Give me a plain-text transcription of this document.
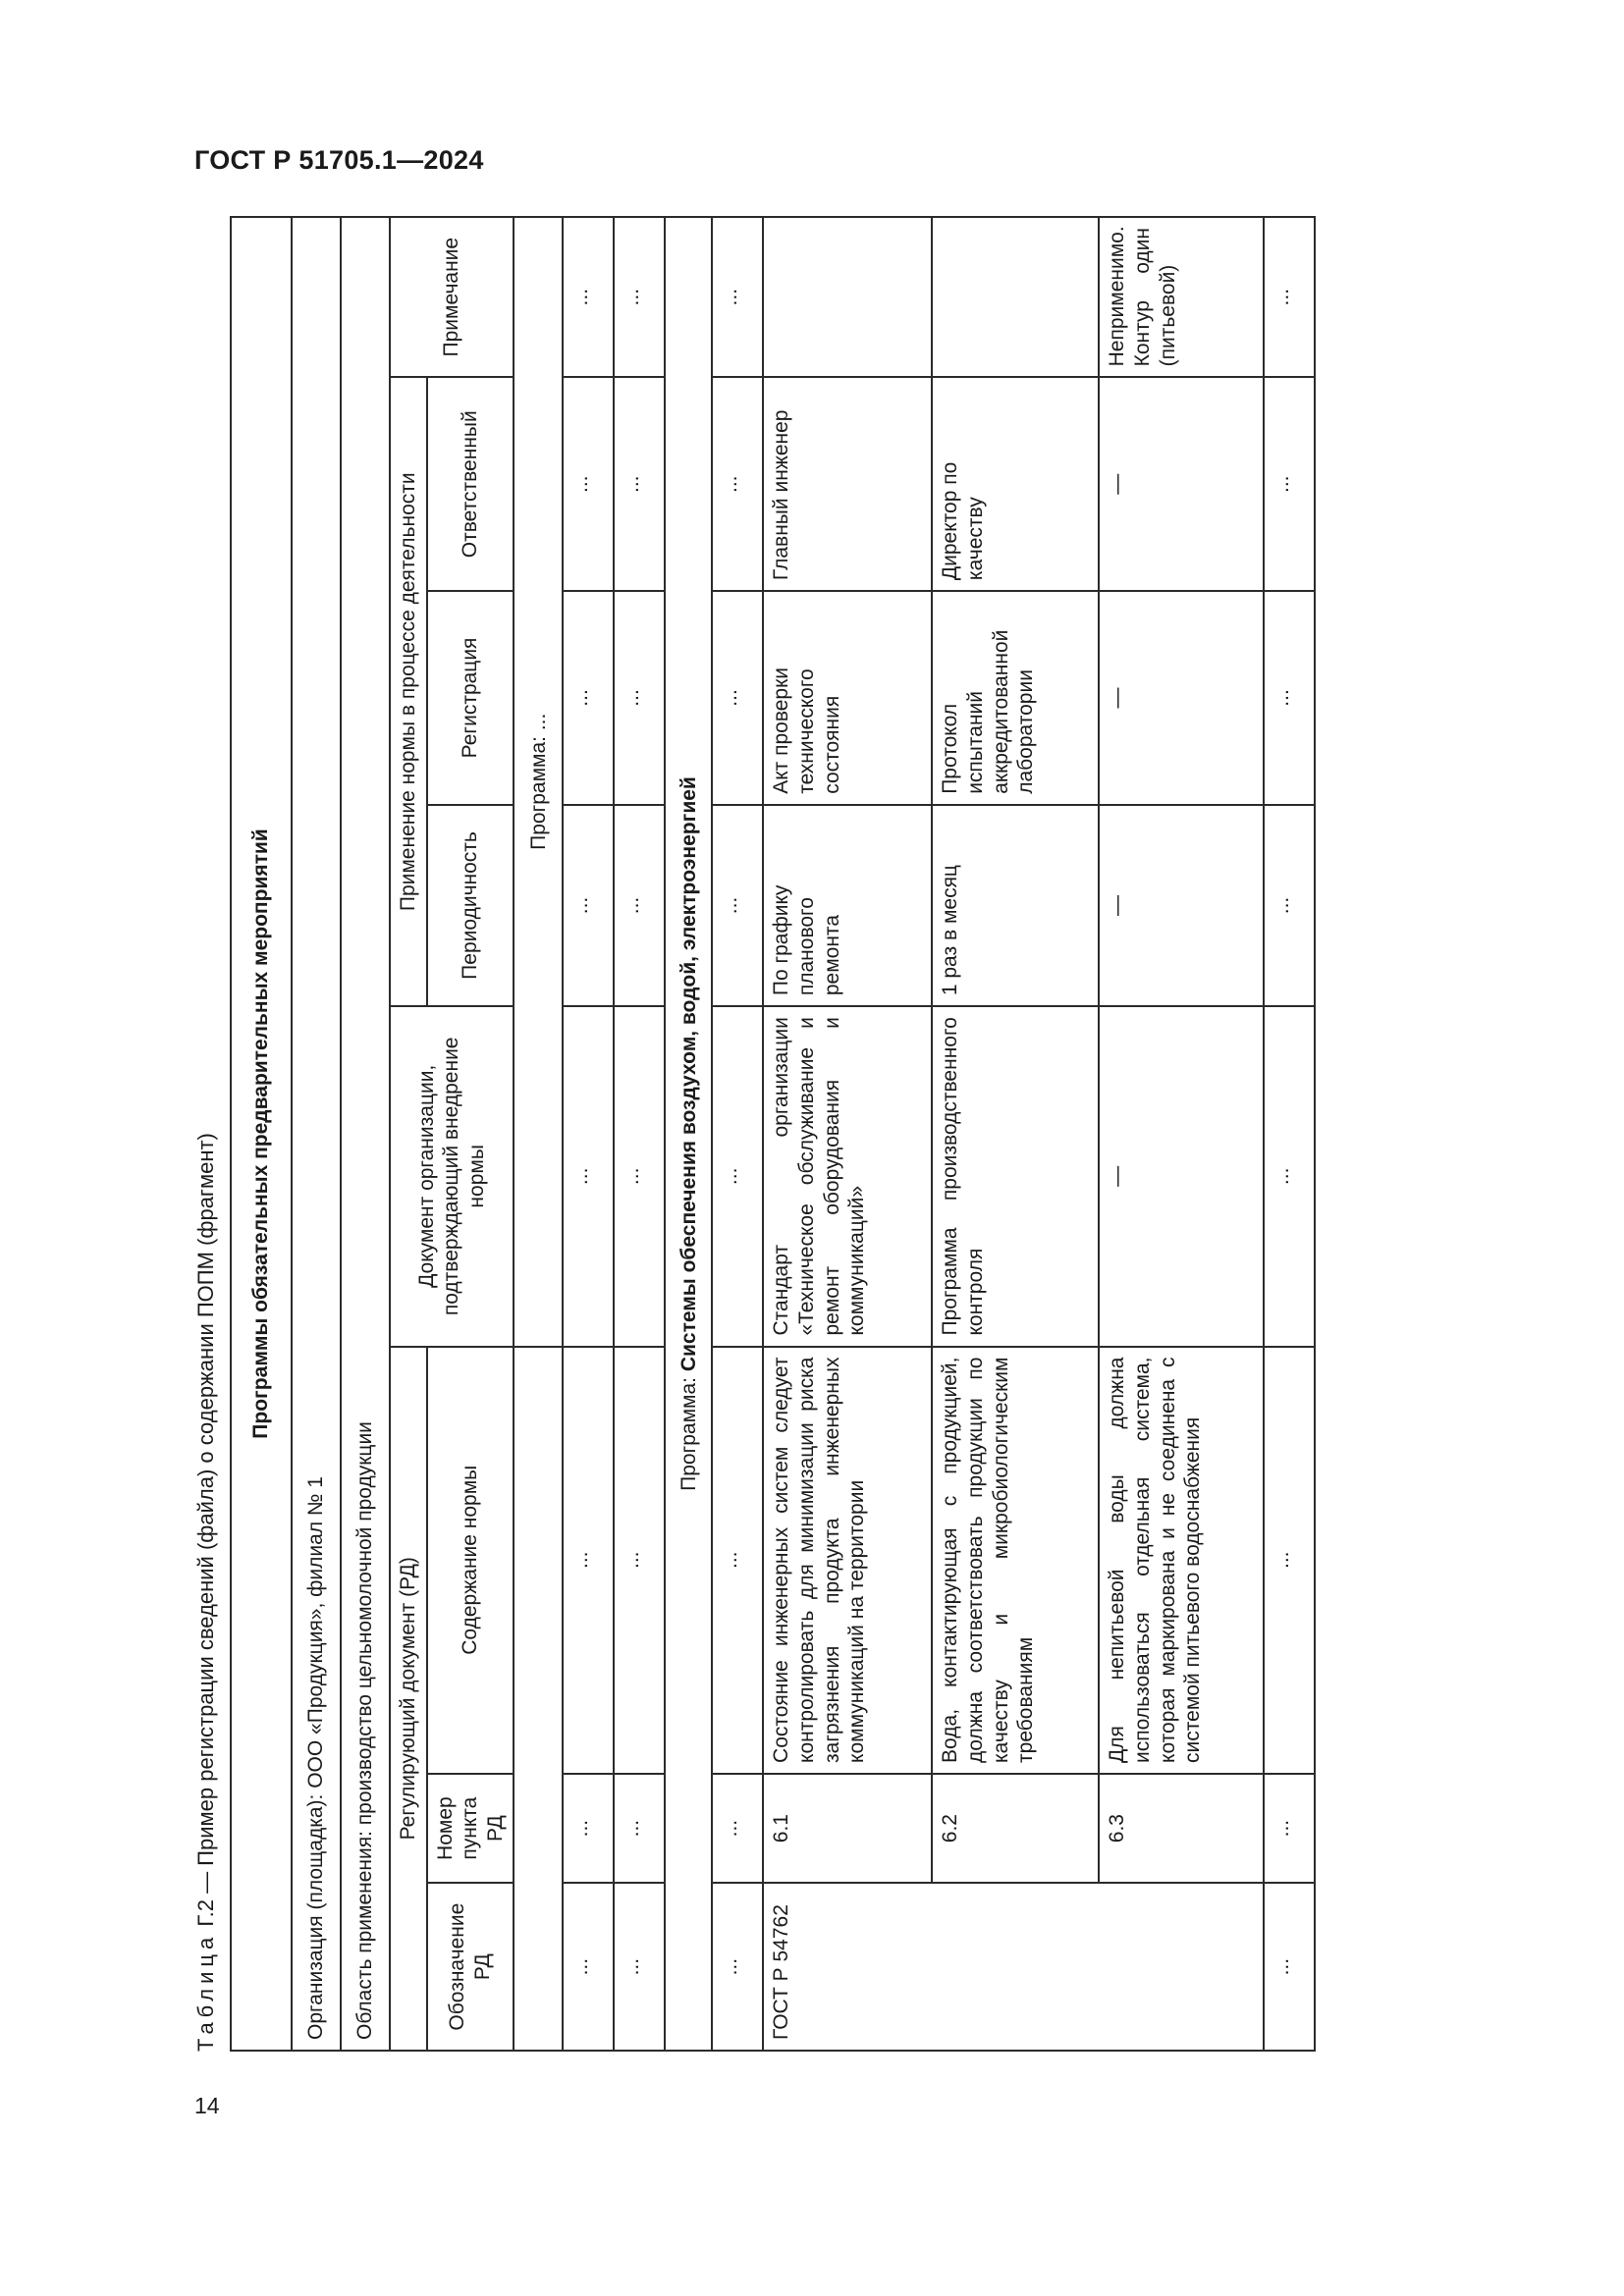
ГОСТ Р 51705.1—2024
14
Таблица Г.2 — Пример регистрации сведений (файла) о содержании ПОПМ (фрагмент)	Программы обязательных предварительных мероприятий							
Организация (площадка): ООО «Продукция», филиал № 1							
Область применения: производство цельномолочной продукции							
Регулирующий документ (РД)			Документ организации, подтверждающий внедрение нормы	Применение нормы в процессе деятельности			Примечание
Обозначение РД	Номер пункта РД	Содержание нормы		Периодичность	Регистрация	Ответственный	

			Программа: ...				
...	...	...	...	...	...	...	...
...	...	...	...	...	...	...	...
Программа: Системы обеспечения воздухом, водой, электроэнергией							
...	...	...	...	...	...	...	...
ГОСТ Р 54762	6.1	Состояние инженерных систем следует контролировать для минимизации риска загрязнения продукта инженерных коммуникаций на территории	Стандарт организации «Техническое обслуживание и ремонт оборудования и коммуникаций»	По графику планового ремонта	Акт проверки технического состояния	Главный инженер	
	6.2	Вода, контактирующая с продукцией, должна соответствовать продукции по качеству и микробиологическим требованиям	Программа производственного контроля	1 раз в месяц	Протокол испытаний аккредитованной лаборатории	Директор по качеству	
	6.3	Для непитьевой воды должна использоваться отдельная система, которая маркирована и не соединена с системой питьевого водоснабжения	—	—	—	—	Неприменимо. Контур один (питьевой)
...	...	...	...	...	...	...	...
